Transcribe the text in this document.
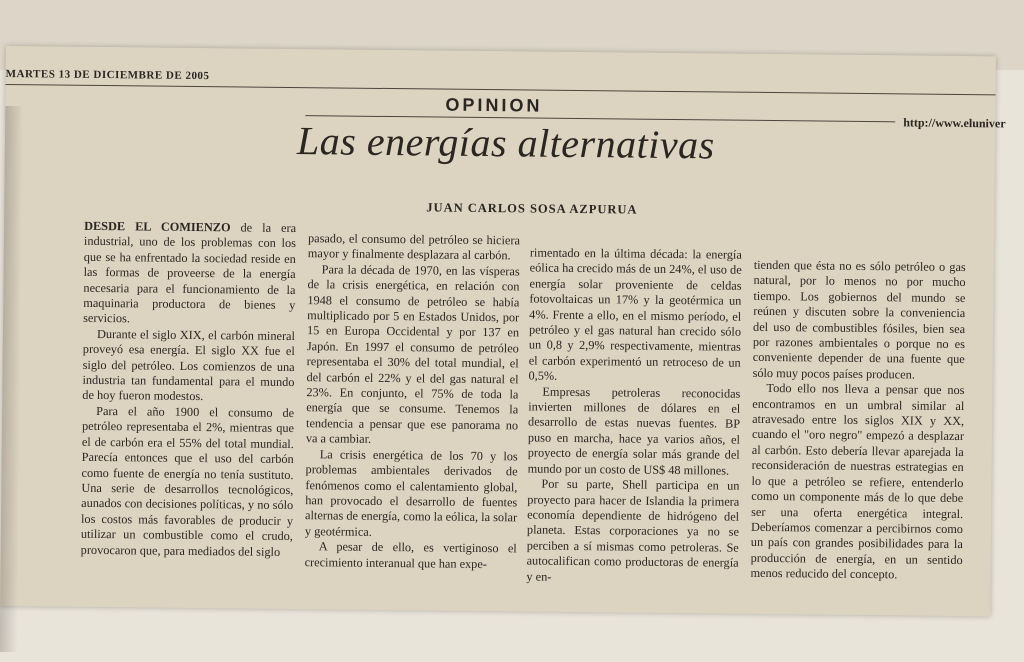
MARTES 13 DE DICIEMBRE DE 2005
OPINION
http://www.eluniver
Las energías alternativas
JUAN CARLOS SOSA AZPURUA

DESDE EL COMIENZO de la era industrial, uno de los problemas con los que se ha enfrentado la sociedad reside en las formas de proveerse de la energía necesaria para el funcionamiento de la maquinaria productora de bienes y servicios.

Durante el siglo XIX, el carbón mineral proveyó esa energía. El siglo XX fue el siglo del petróleo. Los comienzos de una industria tan fundamental para el mundo de hoy fueron modestos.

Para el año 1900 el consumo de petróleo representaba el 2%, mientras que el de carbón era el 55% del total mundial. Parecía entonces que el uso del carbón como fuente de energía no tenía sustituto. Una serie de desarrollos tecnológicos, aunados con decisiones políticas, y no sólo los costos más favorables de producir y utilizar un combustible como el crudo, provocaron que, para mediados del siglo

pasado, el consumo del petróleo se hiciera mayor y finalmente desplazara al carbón.

Para la década de 1970, en las vísperas de la crisis energética, en relación con 1948 el consumo de petróleo se había multiplicado por 5 en Estados Unidos, por 15 en Europa Occidental y por 137 en Japón. En 1997 el consumo de petróleo representaba el 30% del total mundial, el del carbón el 22% y el del gas natural el 23%. En conjunto, el 75% de toda la energía que se consume. Tenemos la tendencia a pensar que ese panorama no va a cambiar.

La crisis energética de los 70 y los problemas ambientales derivados de fenómenos como el calentamiento global, han provocado el desarrollo de fuentes alternas de energía, como la eólica, la solar y geotérmica.

A pesar de ello, es vertiginoso el crecimiento interanual que han expe-

rimentado en la última década: la energía eólica ha crecido más de un 24%, el uso de energía solar proveniente de celdas fotovoltaicas un 17% y la geotérmica un 4%. Frente a ello, en el mismo período, el petróleo y el gas natural han crecido sólo un 0,8 y 2,9% respectivamente, mientras el carbón experimentó un retroceso de un 0,5%.

Empresas petroleras reconocidas invierten millones de dólares en el desarrollo de estas nuevas fuentes. BP puso en marcha, hace ya varios años, el proyecto de energía solar más grande del mundo por un costo de US$ 48 millones.

Por su parte, Shell participa en un proyecto para hacer de Islandia la primera economía dependiente de hidrógeno del planeta. Estas corporaciones ya no se perciben a sí mismas como petroleras. Se autocalifican como productoras de energía y en-

tienden que ésta no es sólo petróleo o gas natural, por lo menos no por mucho tiempo. Los gobiernos del mundo se reúnen y discuten sobre la conveniencia del uso de combustibles fósiles, bien sea por razones ambientales o porque no es conveniente depender de una fuente que sólo muy pocos países producen.

Todo ello nos lleva a pensar que nos encontramos en un umbral similar al atravesado entre los siglos XIX y XX, cuando el "oro negro" empezó a desplazar al carbón. Esto debería llevar aparejada la reconsideración de nuestras estrategias en lo que a petróleo se refiere, entenderlo como un componente más de lo que debe ser una oferta energética integral. Deberíamos comenzar a percibirnos como un país con grandes posibilidades para la producción de energía, en un sentido menos reducido del concepto.
